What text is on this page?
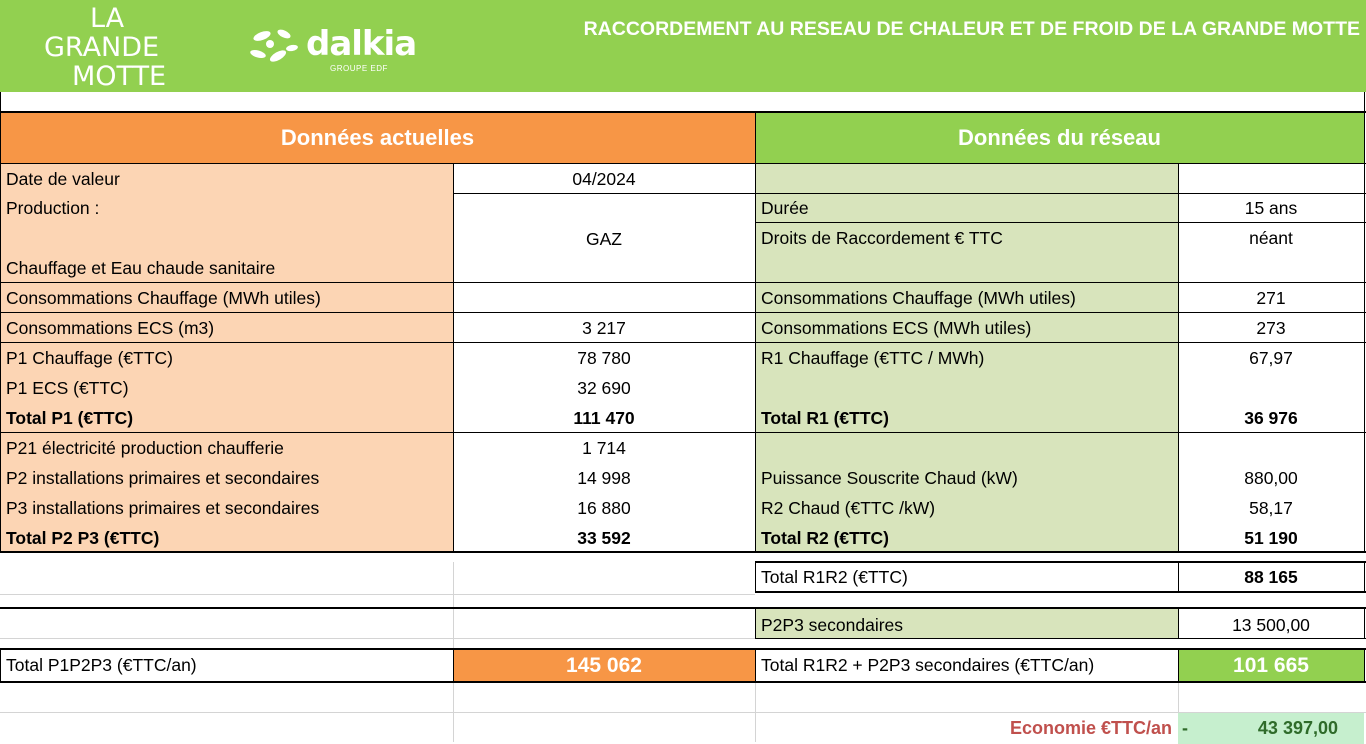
LA
GRANDE
MOTTE
dalkia
GROUPE EDF
RACCORDEMENT AU RESEAU DE CHALEUR ET DE FROID DE LA GRANDE MOTTE
Données actuelles	Données du réseau
Date de valeur	04/2024
Production :
GAZ
Chauffage et Eau chaude sanitaire
Consommations Chauffage (MWh utiles)
Consommations ECS (m3)	3 217
P1 Chauffage (€TTC)	78 780
P1 ECS (€TTC)	32 690
Total P1 (€TTC)	111 470
P21 électricité production chaufferie	1 714
P2 installations primaires et secondaires	14 998
P3 installations primaires et secondaires	16 880
Total P2 P3 (€TTC)	33 592
Durée	15 ans
Droits de Raccordement € TTC	néant
Consommations Chauffage (MWh utiles)	271
Consommations ECS (MWh utiles)	273
R1 Chauffage (€TTC / MWh)	67,97
Total R1 (€TTC)	36 976
Puissance Souscrite Chaud (kW)	880,00
R2 Chaud (€TTC /kW)	58,17
Total R2 (€TTC)	51 190
Total R1R2 (€TTC)	88 165
P2P3 secondaires	13 500,00
Total P1P2P3 (€TTC/an)	145 062	Total R1R2 + P2P3 secondaires (€TTC/an)	101 665
Economie €TTC/an -	43 397,00
